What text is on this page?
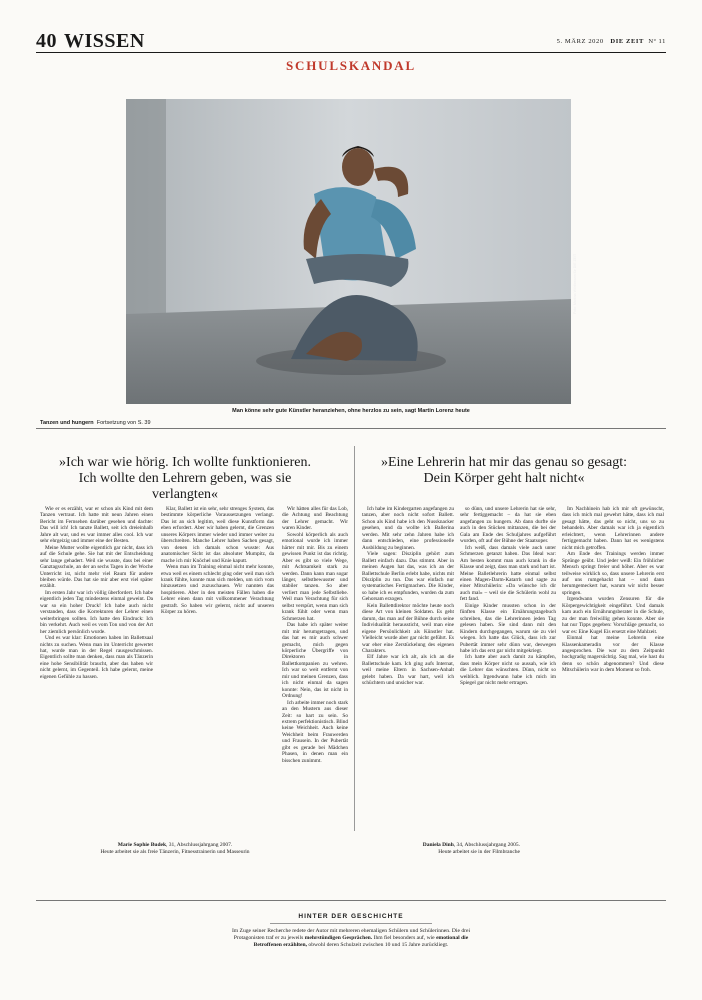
40 WISSEN	5. MÄRZ 2020 DIE ZEIT Nº 11
SCHULSKANDAL
Foto: Martina Wörthmann für DIE ZEIT
Man könne sehr gute Künstler heranziehen, ohne herzlos zu sein, sagt Martin Lorenz heute
Tanzen und hungern Fortsetzung von S. 39
»Ich war wie hörig. Ich wollte funktionieren. Ich wollte den Lehrern geben, was sie verlangten«
»Eine Lehrerin hat mir das genau so gesagt: Dein Körper geht halt nicht«

Wie er es erzählt, war er schon als Kind mit dem Tanzen vertraut. Ich hatte mit neun Jahren einen Bericht im Fernsehen darüber gesehen und dachte: Das will ich! Ich tanzte Ballett, seit ich dreieinhalb Jahre alt war, und es war immer alles cool. Ich war sehr ehrgeizig und immer eine der Besten.

Meine Mutter wollte eigentlich gar nicht, dass ich auf die Schule gehe. Sie hat mit der Entscheidung sehr lange gehadert. Weil sie wusste, dass bei einer Ganztagsschule, an der an sechs Tagen in der Woche Unterricht ist, nicht mehr viel Raum für andere bleiben würde. Das hat sie mir aber erst viel später erzählt.

Im ersten Jahr war ich völlig überfordert. Ich habe eigentlich jeden Tag mindestens einmal geweint. Da war so ein hoher Druck! Ich habe auch nicht verstanden, dass die Korrekturen der Lehrer einen weiterbringen sollten. Ich hatte den Eindruck: Ich bin verkehrt. Auch weil es vom Ton und von der Art her ziemlich persönlich wurde.

Und es war klar: Emotionen haben im Ballettsaal nichts zu suchen. Wenn man im Unterricht gewertet hat, wurde man in der Regel rausgeschmissen. Eigentlich sollte man denken, dass man als Tänzerin eine hohe Sensibilität braucht, aber das haben wir nicht gelernt, im Gegenteil. Ich habe gelernt, meine eigenen Gefühle zu hassen.

Klar, Ballett ist ein sehr, sehr strenges System, das bestimmte körperliche Voraussetzungen verlangt. Das ist an sich legitim, weil diese Kunstform das eben erfordert. Aber wir haben gelernt, die Grenzen unseres Körpers immer wieder und immer weiter zu überschreiten. Manche Lehrer haben Sachen gesagt, von denen ich damals schon wusste: Aus anatomischer Sicht ist das absoluter Mumpitz, da mache ich mir Knöchel und Knie kaputt.

Wenn man im Training einmal nicht mehr konnte, etwa weil es einem schlecht ging oder weil man sich krank fühlte, konnte man sich melden, um sich vom hinzusetzen und zuzuschauen. Wir nannten das hospitieren. Aber in den meisten Fällen haben die Lehrer einen dann mit vollkommener Verachtung gestraft. So haben wir gelernt, nicht auf unseren Körper zu hören.

Wir hätten alles für das Lob, die Achtung und Beachtung der Lehrer gemacht. Wir waren Kinder.

Sowohl körperlich als auch emotional wurde ich immer härter mit mir. Bis zu einem gewissen Punkt ist das richtig. Aber es gibt so viele Wege, mit Achtsamkeit stark zu werden. Dann kann man sogar länger, selbstbewusster und stabiler tanzen. So aber verliert man jede Selbstliebe. Weil man Verachtung für sich selbst verspürt, wenn man sich krank fühlt oder wenn man Schmerzen hat.

Das habe ich später weiter mit mir herumgetragen, und das hat es mir auch schwer gemacht, mich gegen körperliche Übergriffe von Direktoren in Ballettkompanien zu wehren. Ich war so weit entfernt von mir und meinen Grenzen, dass ich nicht einmal da sagen konnte: Nein, das ist nicht in Ordnung!

Ich arbeite immer noch stark an den Mustern aus dieser Zeit: so hart zu sein. So extrem perfektionistisch. Blind keine Weichheit. Auch keine Weichheit beim Frauwerden und Frausein. In der Pubertät gibt es gerade bei Mädchen Phasen, in denen man ein bisschen zunimmt.

Ich habe im Kindergarten angefangen zu tanzen, aber noch nicht sofort Ballett. Schon als Kind habe ich den Nussknacker gesehen, und da wollte ich Ballerina werden. Mit sehr zehn Jahren habe ich dann entschieden, eine professionelle Ausbildung zu beginnen.

Viele sagen: Disziplin gehört zum Ballett einfach dazu. Das stimmt. Aber in meinen Augen hat das, was ich an der Ballettschule Berlin erlebt habe, nichts mit Disziplin zu tun. Das war einfach nur systematisches Fertigmachen. Die Kinder, so habe ich es empfunden, wurden da zum Gehorsam erzogen.

Kein Ballettdirektor möchte heute noch diese Art von kleinen Soldaten. Es geht darum, das man auf der Bühne durch seine Individualität heraussticht, weil man eine eigene Persönlichkeit als Künstler hat. Vielleicht wurde aber gar nicht geführt. Es war eher eine Zerstückelung des eigenen Charakters.

Elf Jahre war ich alt, als ich an die Ballettschule kam. Ich ging aufs Internat, weil meine Eltern in Sachsen-Anhalt gelebt haben. Da war hart, weil ich schüchtern und unsicher war.

so dünn, und unsere Lehrerin hat sie sehr, sehr fertiggemacht – da hat sie eben angefangen zu hungern. Ab dann durfte sie auch in den Stücken mittanzen, die bei der Gala am Ende des Schuljahres aufgeführt wurden, oft auf der Bühne der Staatsoper.

Ich weiß, dass damals viele auch unter Schmerzen getanzt haben. Das Ideal war: Am besten kommt man auch krank in die Klasse und zeigt, dass man stark und hart ist. Meine Balletlehrerin hatte einmal selbst einen Magen-Darm-Katarrh und sagte zu einer Mitschülerin: »Da wünsche ich dir auch mal« – weil sie die Schülerin wohl zu fett fand.

Einige Kinder mussten schon in der fünften Klasse ein Ernährungstagebuch schreiben, das die Lehrerinnen jeden Tag gelesen haben. Sie sind dann mit den Kindern durchgegangen, warum sie zu viel wiegen. Ich hatte das Glück, dass ich zur Pubertät immer sehr dünn war, deswegen habe ich das erst gar nicht mitgekriegt.

Ich hatte aber auch damit zu kämpfen, dass mein Körper nicht so aussah, wie ich die Lehrer das wünschten. Dünn, nicht so weiblich. Irgendwann habe ich mich im Spiegel gar nicht mehr ertragen.

Im Nachhinein hab ich mir oft gewünscht, dass ich mich mal gewehrt hätte, dass ich mal gesagt hätte, das geht so nicht, uns so zu behandeln. Aber damals war ich ja eigentlich erleichtert, wenn Lehrerinnen andere fertiggemacht haben. Dann hat es wenigstens nicht mich getroffen.

Am Ende des Trainings werden immer Sprünge geübt. Und jeder weiß: Ein fröhlicher Mensch springt freier und höher. Aber es war teilweise wirklich so, dass unsere Lehrerin erst auf uns rumgehackt hat – und dann herumgemeckert hat, warum wir nicht besser springen.

Irgendwann wurden Zensuren für die Körpergewichtigkeit eingeführt. Und damals kam auch ein Ernährungsberater in die Schule, zu der man freiwillig gehen konnte. Aber sie hat nur Tipps gegeben: Vorschläge gemacht, so war es: Eine Kugel Eis ersetzt eine Mahlzeit.

Einmal hat meine Lehrerin eine Klassenkameradin vor der Klasse angesprochen. Die war zu dem Zeitpunkt hochgradig magersüchtig. Sag mal, wie hast du denn so schön abgenommen? Und diese Mitschülerin war in dem Moment so froh.

Marie Sophie Budek, 31, Abschlussjahrgang 2007.
Heute arbeitet sie als freie Tänzerin, Fitnesstrainerin und Masseurin
Daniela Dinh, 34, Abschlussjahrgang 2005.
Heute arbeitet sie in der Filmbranche
HINTER DER GESCHICHTE
Im Zuge seiner Recherche redete der Autor mit mehreren ehemaligen Schülern und Schülerinnen. Die drei Protagonisten traf er zu jeweils mehrstündigen Gesprächen. Ihm fiel besonders auf, wie emotional die Betroffenen erzählten, obwohl deren Schulzeit zwischen 10 und 15 Jahre zurückliegt.
